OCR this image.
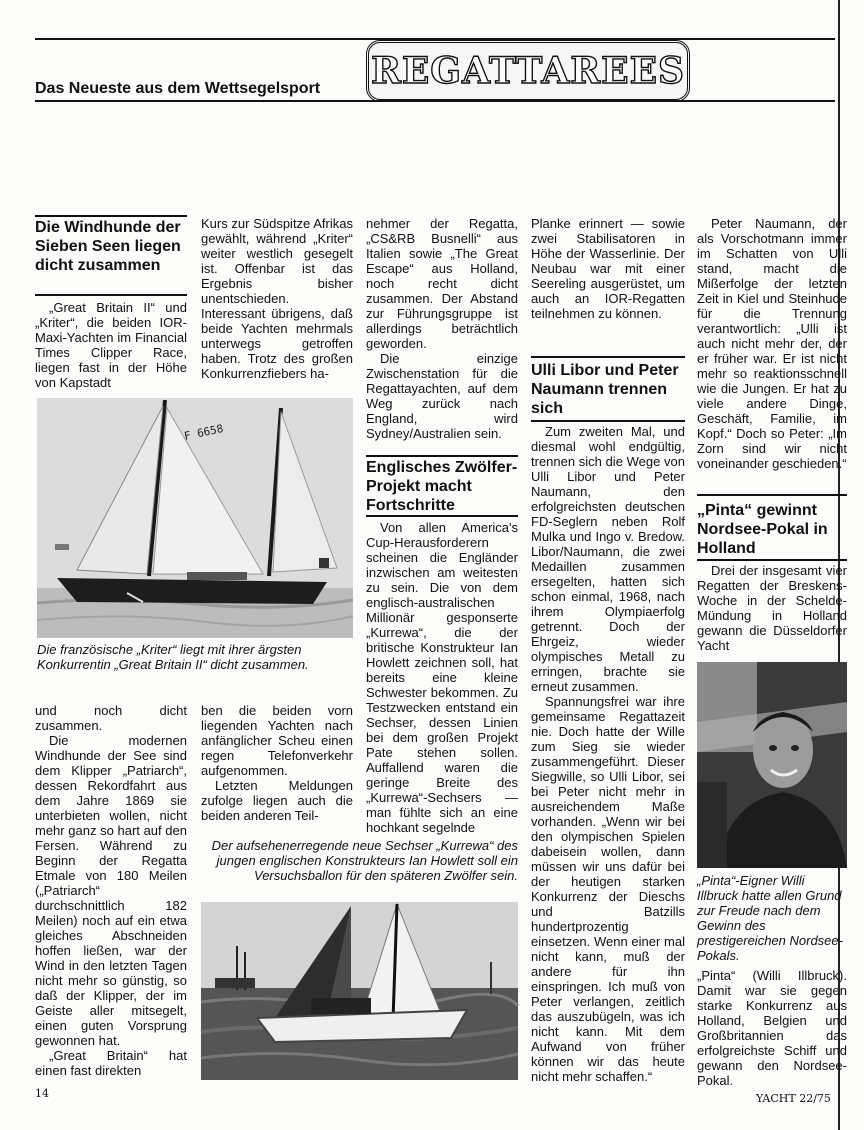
Das Neueste aus dem Wettsegelsport REGATTAREES
Die Windhunde der Sieben Seen liegen dicht zusammen

„Great Britain II“ und „Kriter“, die beiden IOR-Maxi-Yachten im Financial Times Clipper Race, liegen fast in der Höhe von Kapstadt

Kurs zur Südspitze Afrikas gewählt, während „Kriter“ weiter westlich gesegelt ist. Offenbar ist das Ergebnis bisher unentschieden. Interessant übrigens, daß beide Yachten mehrmals unterwegs getroffen haben. Trotz des großen Konkurrenzfiebers ha-

nehmer der Regatta, „CS&RB Busnelli“ aus Italien sowie „The Great Escape“ aus Holland, noch recht dicht zusammen. Der Abstand zur Führungsgruppe ist allerdings beträchtlich geworden.

Die einzige Zwischenstation für die Regattayachten, auf dem Weg zurück nach England, wird Sydney/Australien sein.

F 6658
Die französische „Kriter“ liegt mit ihrer ärgsten Konkurrentin „Great Britain II“ dicht zusammen.

und noch dicht zusammen.

Die modernen Windhunde der See sind dem Klipper „Patriarch“, dessen Rekordfahrt aus dem Jahre 1869 sie unterbieten wollen, nicht mehr ganz so hart auf den Fersen. Während zu Beginn der Regatta Etmale von 180 Meilen („Patriarch“ durchschnittlich 182 Meilen) noch auf ein etwa gleiches Abschneiden hoffen ließen, war der Wind in den letzten Tagen nicht mehr so günstig, so daß der Klipper, der im Geiste aller mitsegelt, einen guten Vorsprung gewonnen hat.

„Great Britain“ hat einen fast direkten

ben die beiden vorn liegenden Yachten nach anfänglicher Scheu einen regen Telefonverkehr aufgenommen.

Letzten Meldungen zufolge liegen auch die beiden anderen Teil-

Englisches Zwölfer-Projekt macht Fortschritte

Von allen America's Cup-Herausforderern scheinen die Engländer inzwischen am weitesten zu sein. Die von dem englisch-australischen Millionär gesponserte „Kurrewa“, die der britische Konstrukteur Ian Howlett zeichnen soll, hat bereits eine kleine Schwester bekommen. Zu Testzwecken entstand ein Sechser, dessen Linien bei dem großen Projekt Pate stehen sollen. Auffallend waren die geringe Breite des „Kurrewa“-Sechsers — man fühlte sich an eine hochkant segelnde

Planke erinnert — sowie zwei Stabilisatoren in Höhe der Wasserlinie. Der Neubau war mit einer Seereling ausgerüstet, um auch an IOR-Regatten teilnehmen zu können.

Der aufsehenerregende neue Sechser „Kurrewa“ des jungen englischen Konstrukteurs Ian Howlett soll ein Versuchsballon für den späteren Zwölfer sein.
Ulli Libor und Peter Naumann trennen sich

Zum zweiten Mal, und diesmal wohl endgültig, trennen sich die Wege von Ulli Libor und Peter Naumann, den erfolgreichsten deutschen FD-Seglern neben Rolf Mulka und Ingo v. Bredow. Libor/Naumann, die zwei Medaillen zusammen ersegelten, hatten sich schon einmal, 1968, nach ihrem Olympiaerfolg getrennt. Doch der Ehrgeiz, wieder olympisches Metall zu erringen, brachte sie erneut zusammen.

Spannungsfrei war ihre gemeinsame Regattazeit nie. Doch hatte der Wille zum Sieg sie wieder zusammengeführt. Dieser Siegwille, so Ulli Libor, sei bei Peter nicht mehr in ausreichendem Maße vorhanden. „Wenn wir bei den olympischen Spielen dabeisein wollen, dann müssen wir uns dafür bei der heutigen starken Konkurrenz der Dieschs und Batzills hundertprozentig einsetzen. Wenn einer mal nicht kann, muß der andere für ihn einspringen. Ich muß von Peter verlangen, zeitlich das auszubügeln, was ich nicht kann. Mit dem Aufwand von früher können wir das heute nicht mehr schaffen.“

Peter Naumann, der als Vorschotmann immer im Schatten von Ulli stand, macht die Mißerfolge der letzten Zeit in Kiel und Steinhude für die Trennung verantwortlich: „Ulli ist auch nicht mehr der, der er früher war. Er ist nicht mehr so reaktionsschnell wie die Jungen. Er hat zu viele andere Dinge, Geschäft, Familie, im Kopf.“ Doch so Peter: „Im Zorn sind wir nicht voneinander geschieden.“

„Pinta“ gewinnt Nordsee-Pokal in Holland

Drei der insgesamt vier Regatten der Breskens-Woche in der Schelde-Mündung in Holland gewann die Düsseldorfer Yacht

„Pinta“-Eigner Willi Illbruck hatte allen Grund zur Freude nach dem Gewinn des prestigereichen Nordsee-Pokals.

„Pinta“ (Willi Illbruck). Damit war sie gegen starke Konkurrenz aus Holland, Belgien und Großbritannien das erfolgreichste Schiff und gewann den Nordsee-Pokal.

14	YACHT 22/75
